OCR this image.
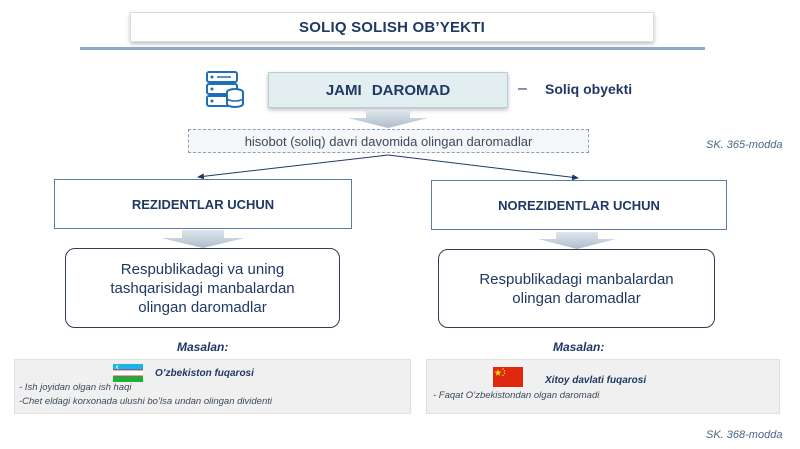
SOLIQ SOLISH OB’YEKTI
JAMI DAROMAD	– Soliq obyekti
hisobot (soliq) davri davomida olingan daromadlar	SK. 365-modda
REZIDENTLAR UCHUN	NOREZIDENTLAR UCHUN
Respublikadagi va uning
tashqarisidagi manbalardan
olingan daromadlar
Respublikadagi manbalardan
olingan daromadlar
Masalan:	Masalan:
O’zbekiston fuqarosi
- Ish joyidan olgan ish haqi
-Chet eldagi korxonada ulushi bo’lsa undan olingan dividenti
Xitoy davlati fuqarosi
- Faqat O’zbekistondan olgan daromadi
SK. 368-modda
